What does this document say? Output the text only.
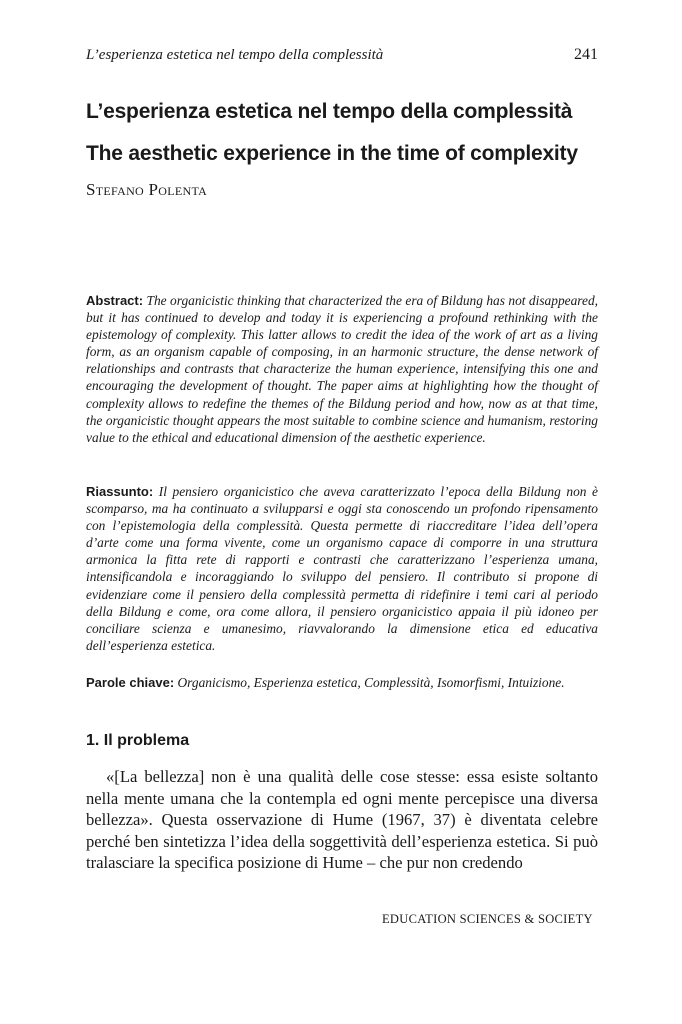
L’esperienza estetica nel tempo della complessità	241
L’esperienza estetica nel tempo della complessità
The aesthetic experience in the time of complexity
Stefano Polenta
Abstract: The organicistic thinking that characterized the era of Bildung has not disappeared, but it has continued to develop and today it is experiencing a profound rethinking with the epistemology of complexity. This latter allows to credit the idea of the work of art as a living form, as an organism capable of composing, in an harmonic structure, the dense network of relationships and contrasts that characterize the human experience, intensifying this one and encouraging the development of thought. The paper aims at highlighting how the thought of complexity allows to redefine the themes of the Bildung period and how, now as at that time, the organicistic thought appears the most suitable to combine science and humanism, restoring value to the ethical and educational dimension of the aesthetic experience.
Riassunto: Il pensiero organicistico che aveva caratterizzato l’epoca della Bildung non è scomparso, ma ha continuato a svilupparsi e oggi sta conoscendo un profondo ripensamento con l’epistemologia della complessità. Questa permette di riaccreditare l’idea dell’opera d’arte come una forma vivente, come un organismo capace di comporre in una struttura armonica la fitta rete di rapporti e contrasti che caratterizzano l’esperienza umana, intensificandola e incoraggiando lo sviluppo del pensiero. Il contributo si propone di evidenziare come il pensiero della complessità permetta di ridefinire i temi cari al periodo della Bildung e come, ora come allora, il pensiero organicistico appaia il più idoneo per conciliare scienza e umanesimo, riavvalorando la dimensione etica ed educativa dell’esperienza estetica.
Parole chiave: Organicismo, Esperienza estetica, Complessità, Isomorfismi, Intuizione.
1. Il problema
«[La bellezza] non è una qualità delle cose stesse: essa esiste soltanto nella mente umana che la contempla ed ogni mente percepisce una diversa bellezza». Questa osservazione di Hume (1967, 37) è diventata celebre perché ben sintetizza l’idea della soggettività dell’esperienza estetica. Si può tralasciare la specifica posizione di Hume – che pur non credendo
EDUCATION SCIENCES & SOCIETY
